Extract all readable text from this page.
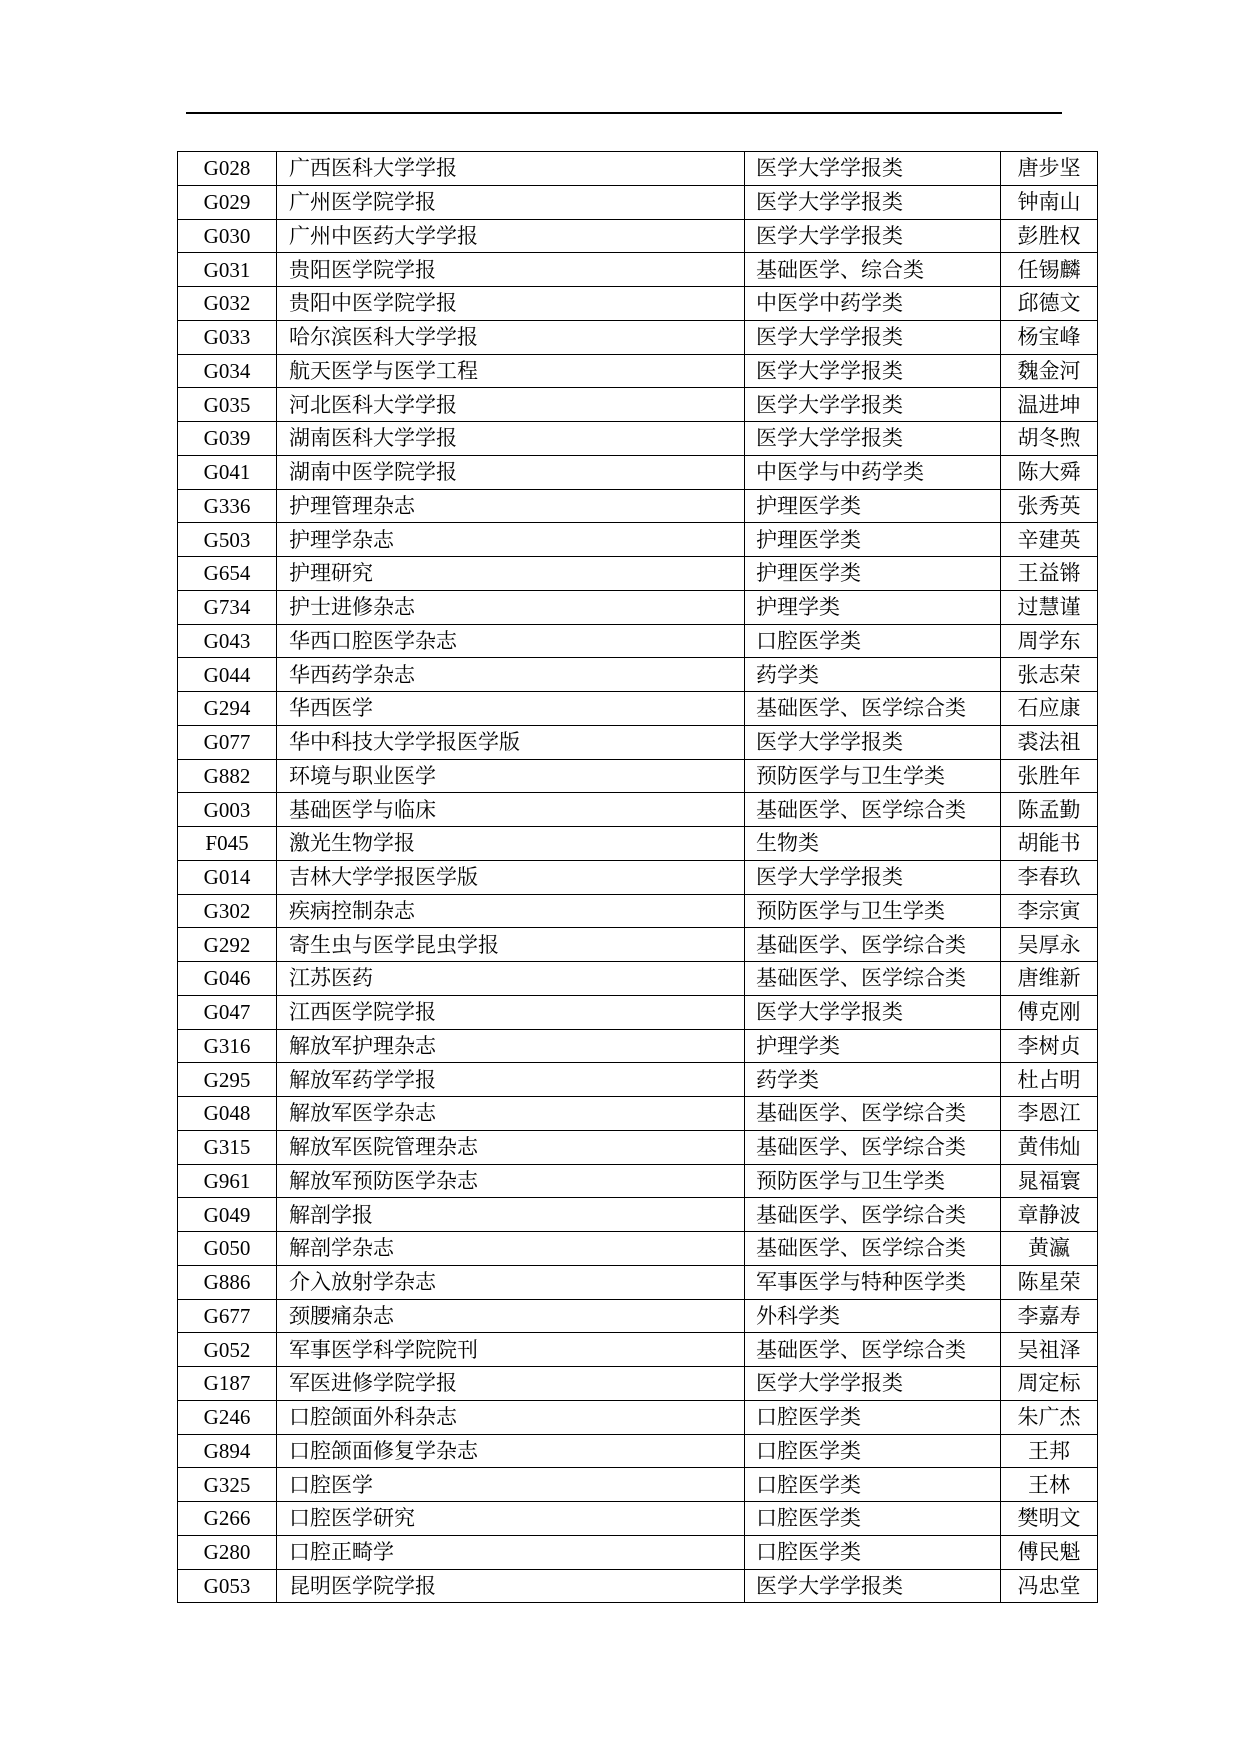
G028	广西医科大学学报	医学大学学报类	唐步坚
G029	广州医学院学报	医学大学学报类	钟南山
G030	广州中医药大学学报	医学大学学报类	彭胜权
G031	贵阳医学院学报	基础医学、综合类	任锡麟
G032	贵阳中医学院学报	中医学中药学类	邱德文
G033	哈尔滨医科大学学报	医学大学学报类	杨宝峰
G034	航天医学与医学工程	医学大学学报类	魏金河
G035	河北医科大学学报	医学大学学报类	温进坤
G039	湖南医科大学学报	医学大学学报类	胡冬煦
G041	湖南中医学院学报	中医学与中药学类	陈大舜
G336	护理管理杂志	护理医学类	张秀英
G503	护理学杂志	护理医学类	辛建英
G654	护理研究	护理医学类	王益锵
G734	护士进修杂志	护理学类	过慧谨
G043	华西口腔医学杂志	口腔医学类	周学东
G044	华西药学杂志	药学类	张志荣
G294	华西医学	基础医学、医学综合类	石应康
G077	华中科技大学学报医学版	医学大学学报类	裘法祖
G882	环境与职业医学	预防医学与卫生学类	张胜年
G003	基础医学与临床	基础医学、医学综合类	陈孟勤
F045	激光生物学报	生物类	胡能书
G014	吉林大学学报医学版	医学大学学报类	李春玖
G302	疾病控制杂志	预防医学与卫生学类	李宗寅
G292	寄生虫与医学昆虫学报	基础医学、医学综合类	吴厚永
G046	江苏医药	基础医学、医学综合类	唐维新
G047	江西医学院学报	医学大学学报类	傅克刚
G316	解放军护理杂志	护理学类	李树贞
G295	解放军药学学报	药学类	杜占明
G048	解放军医学杂志	基础医学、医学综合类	李恩江
G315	解放军医院管理杂志	基础医学、医学综合类	黄伟灿
G961	解放军预防医学杂志	预防医学与卫生学类	晁福寰
G049	解剖学报	基础医学、医学综合类	章静波
G050	解剖学杂志	基础医学、医学综合类	黄瀛
G886	介入放射学杂志	军事医学与特种医学类	陈星荣
G677	颈腰痛杂志	外科学类	李嘉寿
G052	军事医学科学院院刊	基础医学、医学综合类	吴祖泽
G187	军医进修学院学报	医学大学学报类	周定标
G246	口腔颌面外科杂志	口腔医学类	朱广杰
G894	口腔颌面修复学杂志	口腔医学类	王邦
G325	口腔医学	口腔医学类	王林
G266	口腔医学研究	口腔医学类	樊明文
G280	口腔正畸学	口腔医学类	傅民魁
G053	昆明医学院学报	医学大学学报类	冯忠堂
